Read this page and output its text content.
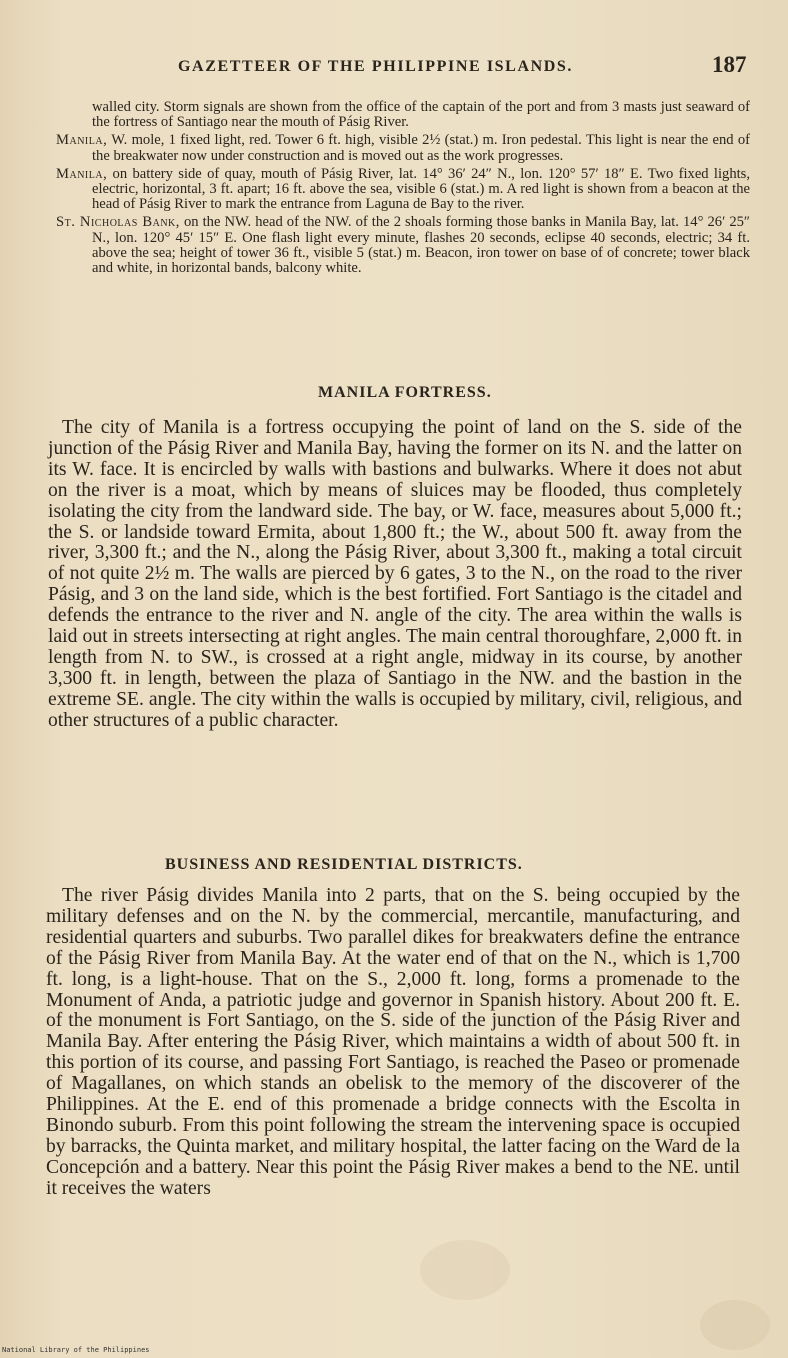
GAZETTEER OF THE PHILIPPINE ISLANDS.	187

walled city. Storm signals are shown from the office of the captain of the port and from 3 masts just seaward of the fortress of Santiago near the mouth of Pásig River.

Manila, W. mole, 1 fixed light, red. Tower 6 ft. high, visible 2½ (stat.) m. Iron pedestal. This light is near the end of the breakwater now under construction and is moved out as the work progresses.

Manila, on battery side of quay, mouth of Pásig River, lat. 14° 36′ 24″ N., lon. 120° 57′ 18″ E. Two fixed lights, electric, horizontal, 3 ft. apart; 16 ft. above the sea, visible 6 (stat.) m. A red light is shown from a beacon at the head of Pásig River to mark the entrance from Laguna de Bay to the river.

St. Nicholas Bank, on the NW. head of the NW. of the 2 shoals forming those banks in Manila Bay, lat. 14° 26′ 25″ N., lon. 120° 45′ 15″ E. One flash light every minute, flashes 20 seconds, eclipse 40 seconds, electric; 34 ft. above the sea; height of tower 36 ft., visible 5 (stat.) m. Beacon, iron tower on base of of concrete; tower black and white, in horizontal bands, balcony white.

MANILA FORTRESS.

The city of Manila is a fortress occupying the point of land on the S. side of the junction of the Pásig River and Manila Bay, having the former on its N. and the latter on its W. face. It is encircled by walls with bastions and bulwarks. Where it does not abut on the river is a moat, which by means of sluices may be flooded, thus completely isolating the city from the landward side. The bay, or W. face, measures about 5,000 ft.; the S. or landside toward Ermita, about 1,800 ft.; the W., about 500 ft. away from the river, 3,300 ft.; and the N., along the Pásig River, about 3,300 ft., making a total circuit of not quite 2½ m. The walls are pierced by 6 gates, 3 to the N., on the road to the river Pásig, and 3 on the land side, which is the best fortified. Fort Santiago is the citadel and defends the entrance to the river and N. angle of the city. The area within the walls is laid out in streets intersecting at right angles. The main central thoroughfare, 2,000 ft. in length from N. to SW., is crossed at a right angle, midway in its course, by another 3,300 ft. in length, between the plaza of Santiago in the NW. and the bastion in the extreme SE. angle. The city within the walls is occupied by military, civil, religious, and other structures of a public character.

BUSINESS AND RESIDENTIAL DISTRICTS.

The river Pásig divides Manila into 2 parts, that on the S. being occupied by the military defenses and on the N. by the commercial, mercantile, manufacturing, and residential quarters and suburbs. Two parallel dikes for breakwaters define the entrance of the Pásig River from Manila Bay. At the water end of that on the N., which is 1,700 ft. long, is a light-house. That on the S., 2,000 ft. long, forms a promenade to the Monument of Anda, a patriotic judge and governor in Spanish history. About 200 ft. E. of the monument is Fort Santiago, on the S. side of the junction of the Pásig River and Manila Bay. After entering the Pásig River, which maintains a width of about 500 ft. in this portion of its course, and passing Fort Santiago, is reached the Paseo or promenade of Magallanes, on which stands an obelisk to the memory of the discoverer of the Philippines. At the E. end of this promenade a bridge connects with the Escolta in Binondo suburb. From this point following the stream the intervening space is occupied by barracks, the Quinta market, and military hospital, the latter facing on the Ward de la Concepción and a battery. Near this point the Pásig River makes a bend to the NE. until it receives the waters

National Library of the Philippines
